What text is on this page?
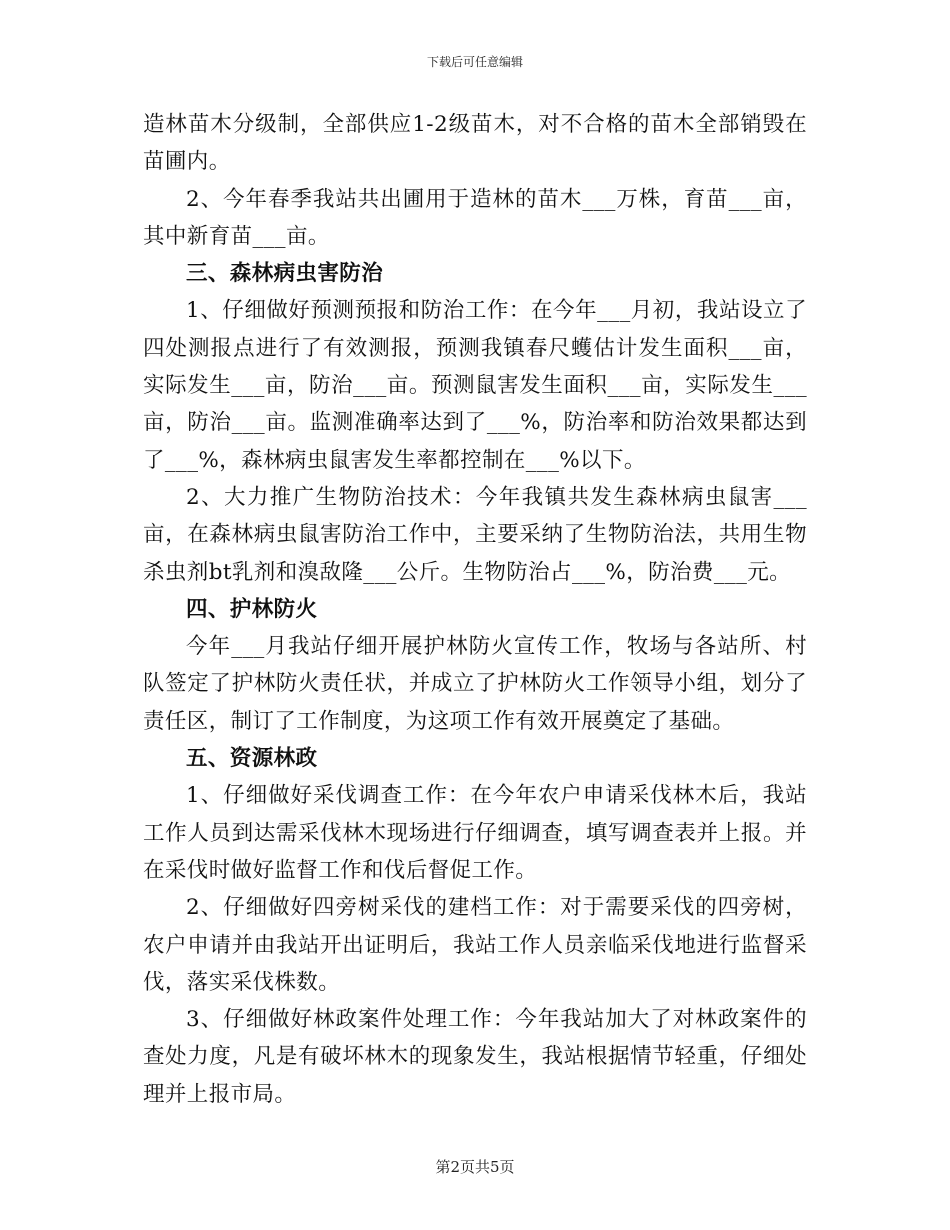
下载后可任意编辑

造林苗木分级制，全部供应1-2级苗木，对不合格的苗木全部销毁在苗圃内。

2、今年春季我站共出圃用于造林的苗木___万株，育苗___亩，其中新育苗___亩。

三、森林病虫害防治

1、仔细做好预测预报和防治工作：在今年___月初，我站设立了四处测报点进行了有效测报，预测我镇春尺蠖估计发生面积___亩，实际发生___亩，防治___亩。预测鼠害发生面积___亩，实际发生___亩，防治___亩。监测准确率达到了___%，防治率和防治效果都达到了___%，森林病虫鼠害发生率都控制在___%以下。

2、大力推广生物防治技术：今年我镇共发生森林病虫鼠害___亩，在森林病虫鼠害防治工作中，主要采纳了生物防治法，共用生物杀虫剂bt乳剂和溴敌隆___公斤。生物防治占___%，防治费___元。

四、护林防火

今年___月我站仔细开展护林防火宣传工作，牧场与各站所、村队签定了护林防火责任状，并成立了护林防火工作领导小组，划分了责任区，制订了工作制度，为这项工作有效开展奠定了基础。

五、资源林政

1、仔细做好采伐调查工作：在今年农户申请采伐林木后，我站工作人员到达需采伐林木现场进行仔细调查，填写调查表并上报。并在采伐时做好监督工作和伐后督促工作。

2、仔细做好四旁树采伐的建档工作：对于需要采伐的四旁树，农户申请并由我站开出证明后，我站工作人员亲临采伐地进行监督采伐，落实采伐株数。

3、仔细做好林政案件处理工作：今年我站加大了对林政案件的查处力度，凡是有破坏林木的现象发生，我站根据情节轻重，仔细处理并上报市局。

第2页共5页
